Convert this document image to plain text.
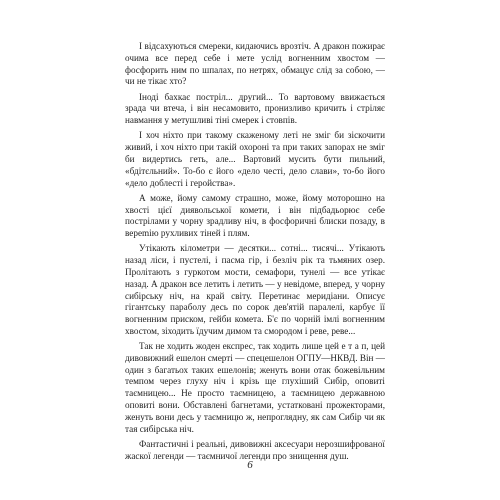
І відсахуються смереки, кидаючись врозтіч. А дракон пожирає очима все перед себе і мете услід вогненним хвостом — фосфорить ним по шпалах, по нетрях, обмацує слід за собою, — чи не тікає хто?

Іноді бахкає постріл... другий... То вартовому ввижається зрада чи втеча, і він несамовито, пронизливо кричить і стріляє навмання у метушливі тіні смерек і стовпів.

І хоч ніхто при такому скаженому леті не зміг би зіскочити живий, і хоч ніхто при такій охороні та при таких запорах не зміг би видертись геть, але... Вартовий мусить бути пильний, «бдітєльний». То-бо є його «дело честі, дело слави», то-бо його «дело доблесті і геройства».

А може, йому самому страшно, може, йому моторошно на хвості цієї диявольської комети, і він підбадьорює себе пострілами у чорну зрадливу ніч, в фосфоричні блиски позаду, в верemiю рухливих тіней і плям.

Утікають кілометри — десятки... сотні... тисячі... Утікають назад ліси, і пустелі, і пасма гір, і безліч рік та тьмяних озер. Пролітають з гуркотом мости, семафори, тунелі — все утікає назад. А дракон все летить і летить — у невідоме, вперед, у чорну сибірську ніч, на край світу. Перетинає меридіани. Описує гігантську параболу десь по сорок дев'ятій паралелі, карбує її вогненним приском, гейби комета. Б'є по чорній імлі вогненним хвостом, зіходить їдучим димом та смородом і реве, реве...

Так не ходить жоден експрес, так ходить лише цей е т а п, цей дивовижний ешелон смерті — спецешелон ОГПУ—НКВД. Він — один з багатьох таких ешелонів; женуть вони отак божевільним темпом через глуху ніч і крізь ще глухіший Сибір, оповиті таємницею... Не просто таємницею, а таємницею державною оповиті вони. Обставлені багнетами, устатковані прожекторами, женуть вони десь у таємницю ж, непрогляднy, як сам Сибір чи як тая сибірська ніч.

Фантастичні і реальні, дивовижні аксесуари нерозшифрованої жаскої легенди — таємничої легенди про знищення душ.

6
